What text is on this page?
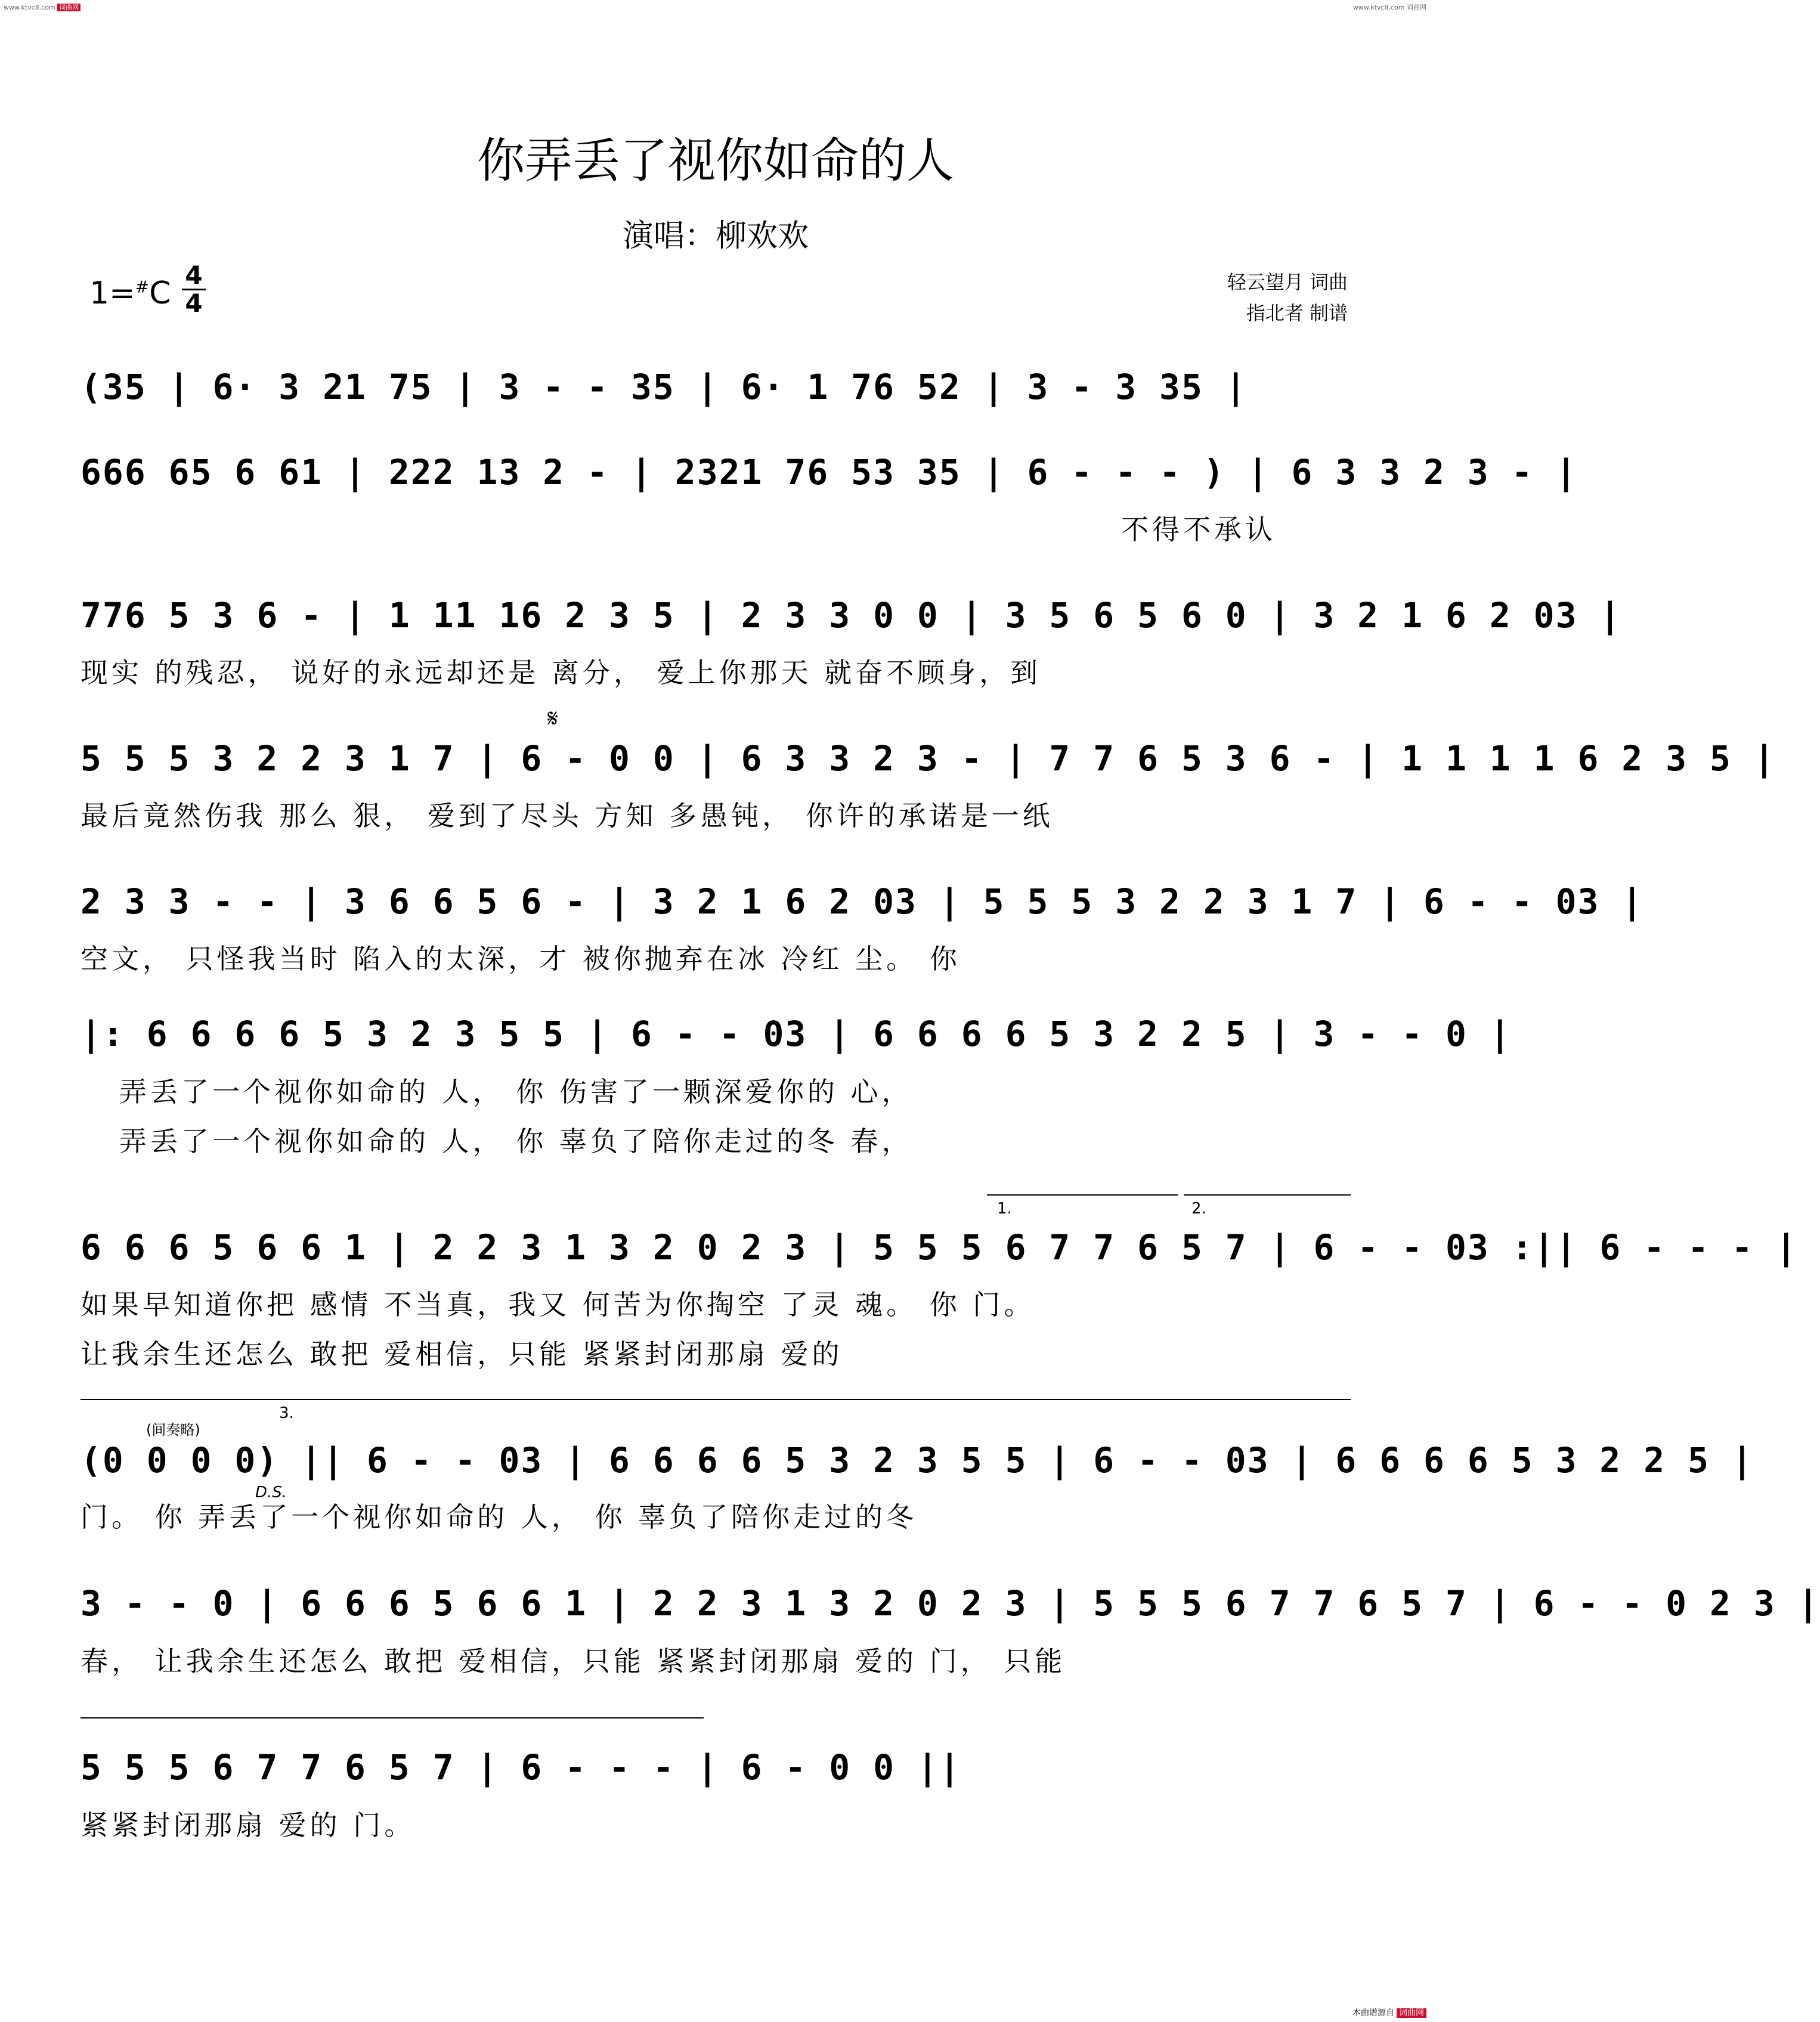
www.ktvc8.com 词曲网	www.ktvc8.com 词曲网
你弄丢了视你如命的人
演唱：柳欢欢
1=#C
4
4
轻云望月 词曲
指北者 制谱
(35 | 6· 3 21 75 | 3 - - 35 | 6· 1 76 52 | 3 - 3 35 |
666 65 6 61 | 222 13 2 - | 2321 76 53 35 | 6 - - - ) | 6 3 3 2 3 - |
不得不承认
776 5 3 6 - | 1 11 16 2 3 5 | 2 3 3 0 0 | 3 5 6 5 6 0 | 3 2 1 6 2 03 |
现实 的残忍， 说好的永远却还是 离分， 爱上你那天 就奋不顾身，到
𝄋
5 5 5 3 2 2 3 1 7 | 6 - 0 0 | 6 3 3 2 3 - | 7 7 6 5 3 6 - | 1 1 1 1 6 2 3 5 |
最后竟然伤我 那么 狠， 爱到了尽头 方知 多愚钝， 你许的承诺是一纸
2 3 3 - - | 3 6 6 5 6 - | 3 2 1 6 2 03 | 5 5 5 3 2 2 3 1 7 | 6 - - 03 |
空文， 只怪我当时 陷入的太深，才 被你抛弃在冰 冷红 尘。 你
|: 6 6 6 6 5 3 2 3 5 5 | 6 - - 03 | 6 6 6 6 5 3 2 2 5 | 3 - - 0 |
弄丢了一个视你如命的 人， 你 伤害了一颗深爱你的 心，
弄丢了一个视你如命的 人， 你 辜负了陪你走过的冬 春，
1.	2.
6 6 6 5 6 6 1 | 2 2 3 1 3 2 0 2 3 | 5 5 5 6 7 7 6 5 7 | 6 - - 03 :|| 6 - - - |
如果早知道你把 感情 不当真，我又 何苦为你掏空 了灵 魂。 你 门。
让我余生还怎么 敢把 爱相信，只能 紧紧封闭那扇 爱的
3.
(间奏略)
(0 0 0 0) || 6 - - 03 | 6 6 6 6 5 3 2 3 5 5 | 6 - - 03 | 6 6 6 6 5 3 2 2 5 |
D.S.
门。 你 弄丢了一个视你如命的 人， 你 辜负了陪你走过的冬
3 - - 0 | 6 6 6 5 6 6 1 | 2 2 3 1 3 2 0 2 3 | 5 5 5 6 7 7 6 5 7 | 6 - - 0 2 3 |
春， 让我余生还怎么 敢把 爱相信，只能 紧紧封闭那扇 爱的 门， 只能
5 5 5 6 7 7 6 5 7 | 6 - - - | 6 - 0 0 ||
紧紧封闭那扇 爱的 门。
本曲谱源自 词曲网
